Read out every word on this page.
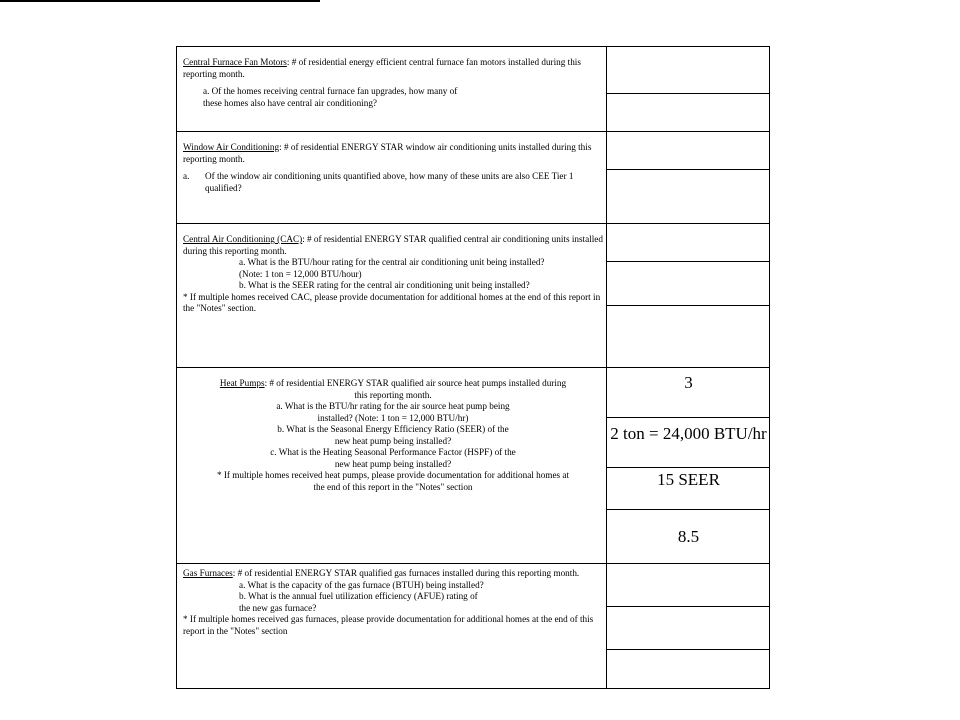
Central Furnace Fan Motors: # of residential energy efficient central furnace fan motors installed during this reporting month.

a. Of the homes receiving central furnace fan upgrades, how many of

these homes also have central air conditioning?

Window Air Conditioning: # of residential ENERGY STAR window air conditioning units installed during this reporting month.

a.	Of the window air conditioning units quantified above, how many of these units are also CEE Tier 1 qualified?

Central Air Conditioning (CAC): # of residential ENERGY STAR qualified central air conditioning units installed during this reporting month.

a. What is the BTU/hour rating for the central air conditioning unit being installed?

(Note: 1 ton = 12,000 BTU/hour)

b. What is the SEER rating for the central air conditioning unit being installed?

* If multiple homes received CAC, please provide documentation for additional homes at the end of this report in the "Notes" section.

Heat Pumps: # of residential ENERGY STAR qualified air source heat pumps installed during

this reporting month.

a. What is the BTU/hr rating for the air source heat pump being

installed? (Note: 1 ton = 12,000 BTU/hr)

b. What is the Seasonal Energy Efficiency Ratio (SEER) of the

new heat pump being installed?

c. What is the Heating Seasonal Performance Factor (HSPF) of the

new heat pump being installed?

* If multiple homes received heat pumps, please provide documentation for additional homes at

the end of this report in the "Notes" section

Gas Furnaces: # of residential ENERGY STAR qualified gas furnaces installed during this reporting month.

a. What is the capacity of the gas furnace (BTUH) being installed?

b. What is the annual fuel utilization efficiency (AFUE) rating of

the new gas furnace?

* If multiple homes received gas furnaces, please provide documentation for additional homes at the end of this report in the "Notes" section

3
2 ton = 24,000 BTU/hr
15 SEER
8.5
